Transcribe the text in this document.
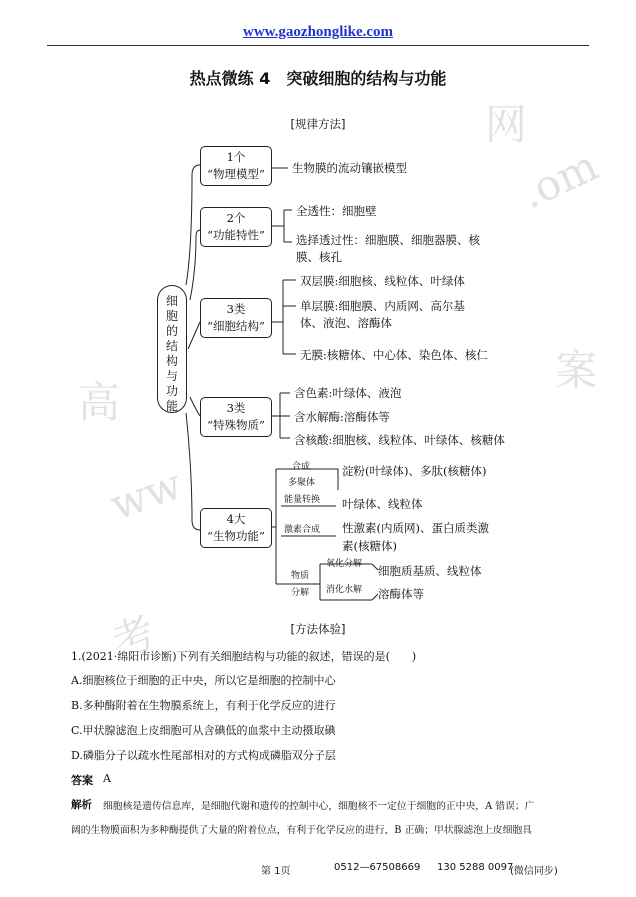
高
网
ww
.om
案
考
www.gaozhonglike.com
热点微练 4　突破细胞的结构与功能
[规律方法]
细
胞
的
结
构
与
功
能
1个
“物理模型”	生物膜的流动镶嵌模型
2个
“功能特性”
全透性：细胞壁
选择透过性：细胞膜、细胞器膜、核
膜、核孔
3类
“细胞结构”
双层膜:细胞核、线粒体、叶绿体
单层膜:细胞膜、内质网、高尔基
体、液泡、溶酶体
无膜:核糖体、中心体、染色体、核仁
3类
“特殊物质”
含色素:叶绿体、液泡
含水解酶:溶酶体等
含核酸:细胞核、线粒体、叶绿体、核糖体
4大
“生物功能”
合成
多聚体
淀粉(叶绿体)、多肽(核糖体)
能量转换 叶绿体、线粒体
激素合成 性激素(内质网)、蛋白质类激
素(核糖体)
物质
分解
氧化分解 细胞质基质、线粒体
消化水解 溶酶体等
[方法体验]
1.(2021·绵阳市诊断)下列有关细胞结构与功能的叙述，错误的是(　　)
A.细胞核位于细胞的正中央，所以它是细胞的控制中心
B.多种酶附着在生物膜系统上，有利于化学反应的进行
C.甲状腺滤泡上皮细胞可从含碘低的血浆中主动摄取碘
D.磷脂分子以疏水性尾部相对的方式构成磷脂双分子层
答案 A
解析 细胞核是遗传信息库，是细胞代谢和遗传的控制中心，细胞核不一定位于细胞的正中央，A 错误；广
阔的生物膜面积为多种酶提供了大量的附着位点，有利于化学反应的进行，B 正确；甲状腺滤泡上皮细胞具
第 1页	0512—67508669 130 5288 0097
(微信同步)
